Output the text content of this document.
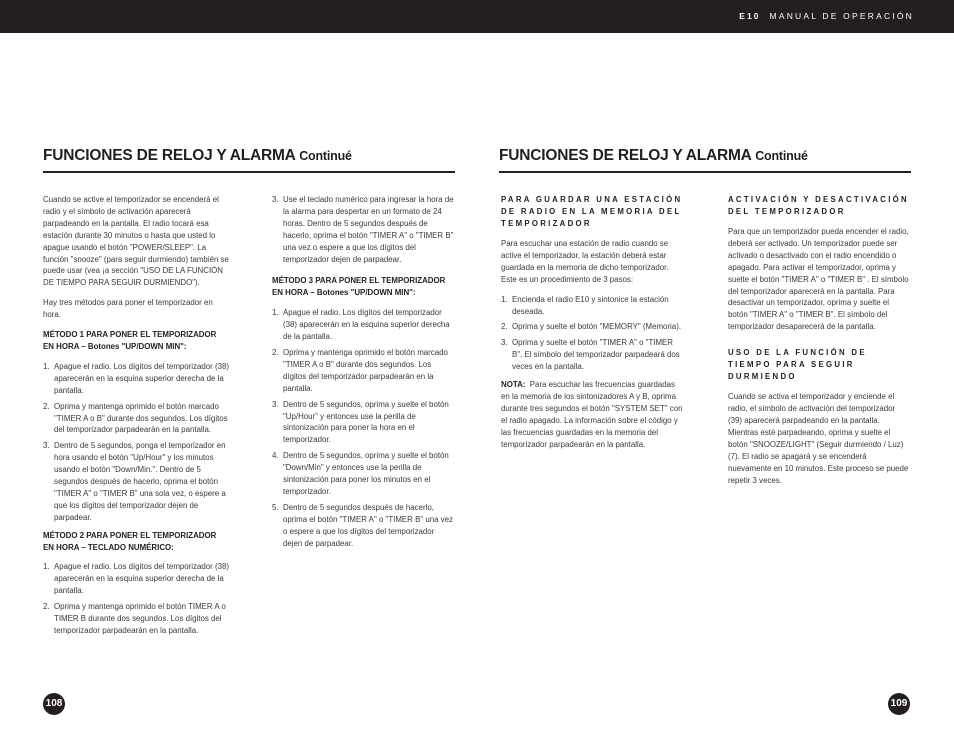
E10 MANUAL DE OPERACIÓN
FUNCIONES DE RELOJ Y ALARMA Continué

Cuando se active el temporizador se encenderá el radio y el símbolo de activación aparecerá parpadeando en la pantalla. El radio tocará esa estación durante 30 minutos o hasta que usted lo apague usando el botón "POWER/SLEEP". La función "snooze" (para seguir durmiendo) también se puede usar (vea ¡a sección "USO DE LA FUNCIÓN DE TIEMPO PARA SEGUIR DURMIENDO").

Hay tres métodos para poner el temporizador en hora.

MÉTODO 1 PARA PONER EL TEMPORIZADOR EN HORA – Botones "UP/DOWN MIN":
1. Apague el radio. Los dígitos del temporizador (38) aparecerán en la esquina superior derecha de la pantalla.
2. Oprima y mantenga oprimido el botón marcado "TIMER A o B" durante dos segundos. Los dígitos del temporizador parpadearán en la pantalla.
3. Dentro de 5 segundos, ponga el temporizador en hora usando el botón "Up/Hour" y los minutos usando el botón "Down/Min.". Dentro de 5 segundos después de hacerlo, oprima el botón "TIMER A" o "TIMER B" una sola vez, o espere a que los dígitos del temporizador dejen de parpadear.
MÉTODO 2 PARA PONER EL TEMPORIZADOR EN HORA – TECLADO NUMÉRICO:
1. Apague el radio. Los dígitos del temporizador (38) aparecerán en la esquina superior derecha de la pantalla.
2. Oprima y mantenga oprimido el botón TIMER A o TIMER B durante dos segundos. Los dígitos del temporizador parpadearán en la pantalla.
3. Use el teclado numérico para ingresar la hora de la alarma para despertar en un formato de 24 horas. Dentro de 5 segundos después de hacerlo, oprima el botón "TIMER A" o "TIMER B" una vez o espere a que los dígitos del temporizador dejen de parpadear.
MÉTODO 3 PARA PONER EL TEMPORIZADOR EN HORA – Botones "UP/DOWN MIN":
1. Apague el radio. Los dígitos del temporizador (38) aparecerán en la esquina superior derecha de la pantalla.
2. Oprima y mantenga oprimido el botón marcado "TIMER A o B" durante dos segundos. Los dígitos del temporizador parpadearán en la pantalla.
3. Dentro de 5 segundos, oprima y suelte el botón "Up/Hour" y entonces use la perilla de sintonización para poner la hora en el temporizador.
4. Dentro de 5 segundos, oprima y suelte el botón "Down/Min" y entonces use la perilla de sintonización para poner los minutos en el temporizador.
5. Dentro de 5 segundos después de hacerlo, oprima el botón "TIMER A" o "TIMER B" una vez o espere a que los dígitos del temporizador dejen de parpadear.
108
FUNCIONES DE RELOJ Y ALARMA Continué
PARA GUARDAR UNA ESTACIÓN DE RADIO EN LA MEMORIA DEL TEMPORIZADOR

Para escuchar una estación de radio cuando se active el temporizador, la estación deberá estar guardada en la memoria de dicho temporizador. Este es un procedimiento de 3 pasos:

1. Encienda el radio E10 y sintonice la estación deseada.
2. Oprima y suelte el botón "MEMORY" (Memoria).
3. Oprima y suelte el botón "TIMER A" o "TIMER B". El símbolo del temporizador parpadeará dos veces en la pantalla.

NOTA: Para escuchar las frecuencias guardadas en la memoria de los sintonizadores A y B, oprima durante tres segundos el botón "SYSTEM SET" con el radio apagado. La información sobre el código y las frecuencias guardadas en la memoria del temporizador parpadearán en la pantalla.

ACTIVACIÓN Y DESACTIVACIÓN DEL TEMPORIZADOR

Para que un temporizador pueda encender el radio, deberá ser activado. Un temporizador puede ser activado o desactivado con el radio encendido o apagado. Para activar el temporizador, oprima y suelte el botón "TIMER A" o "TIMER B" . El símbolo del temporizador aparecerá en la pantalla. Para desactivar un temporizador, oprima y suelte el botón "TIMER A" o "TIMER B". El símbolo del temporizador desaparecerá de la pantalla.

USO DE LA FUNCIÓN DE TIEMPO PARA SEGUIR DURMIENDO

Cuando se activa el temporizador y enciende el radio, el símbolo de activación del temporizador (39) aparecerá parpadeando en la pantalla. Mientras esté parpadeando, oprima y suelte el botón "SNOOZE/LIGHT" (Seguir durmiendo / Luz) (7). El radio se apagará y se encenderá nuevamente en 10 minutos. Este proceso se puede repetir 3 veces.

109
